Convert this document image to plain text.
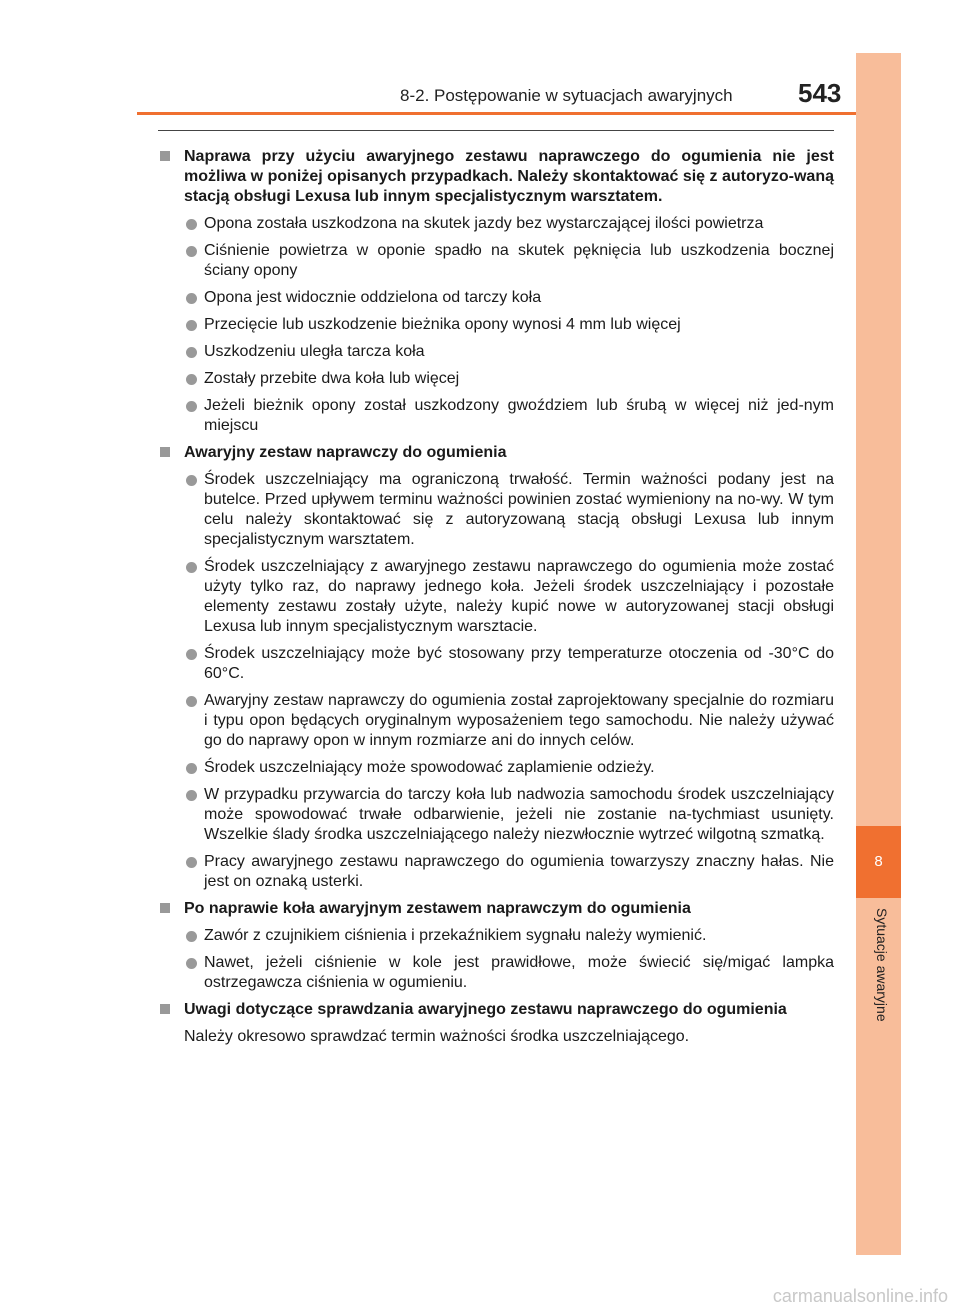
8-2. Postępowanie w sytuacjach awaryjnych	543
8
Sytuacje awaryjne
Naprawa przy użyciu awaryjnego zestawu naprawczego do ogumienia nie jest możliwa w poniżej opisanych przypadkach. Należy skontaktować się z autoryzo-waną stacją obsługi Lexusa lub innym specjalistycznym warsztatem.
Opona została uszkodzona na skutek jazdy bez wystarczającej ilości powietrza
Ciśnienie powietrza w oponie spadło na skutek pęknięcia lub uszkodzenia bocznej ściany opony
Opona jest widocznie oddzielona od tarczy koła
Przecięcie lub uszkodzenie bieżnika opony wynosi 4 mm lub więcej
Uszkodzeniu uległa tarcza koła
Zostały przebite dwa koła lub więcej
Jeżeli bieżnik opony został uszkodzony gwoździem lub śrubą w więcej niż jed-nym miejscu
Awaryjny zestaw naprawczy do ogumienia
Środek uszczelniający ma ograniczoną trwałość. Termin ważności podany jest na butelce. Przed upływem terminu ważności powinien zostać wymieniony na no-wy. W tym celu należy skontaktować się z autoryzowaną stacją obsługi Lexusa lub innym specjalistycznym warsztatem.
Środek uszczelniający z awaryjnego zestawu naprawczego do ogumienia może zostać użyty tylko raz, do naprawy jednego koła. Jeżeli środek uszczelniający i pozostałe elementy zestawu zostały użyte, należy kupić nowe w autoryzowanej stacji obsługi Lexusa lub innym specjalistycznym warsztacie.
Środek uszczelniający może być stosowany przy temperaturze otoczenia od -30°C do 60°C.
Awaryjny zestaw naprawczy do ogumienia został zaprojektowany specjalnie do rozmiaru i typu opon będących oryginalnym wyposażeniem tego samochodu. Nie należy używać go do naprawy opon w innym rozmiarze ani do innych celów.
Środek uszczelniający może spowodować zaplamienie odzieży.
W przypadku przywarcia do tarczy koła lub nadwozia samochodu środek uszczelniający może spowodować trwałe odbarwienie, jeżeli nie zostanie na-tychmiast usunięty. Wszelkie ślady środka uszczelniającego należy niezwłocznie wytrzeć wilgotną szmatką.
Pracy awaryjnego zestawu naprawczego do ogumienia towarzyszy znaczny hałas. Nie jest on oznaką usterki.
Po naprawie koła awaryjnym zestawem naprawczym do ogumienia
Zawór z czujnikiem ciśnienia i przekaźnikiem sygnału należy wymienić.
Nawet, jeżeli ciśnienie w kole jest prawidłowe, może świecić się/migać lampka ostrzegawcza ciśnienia w ogumieniu.
Uwagi dotyczące sprawdzania awaryjnego zestawu naprawczego do ogumienia
Należy okresowo sprawdzać termin ważności środka uszczelniającego.
carmanualsonline.info
